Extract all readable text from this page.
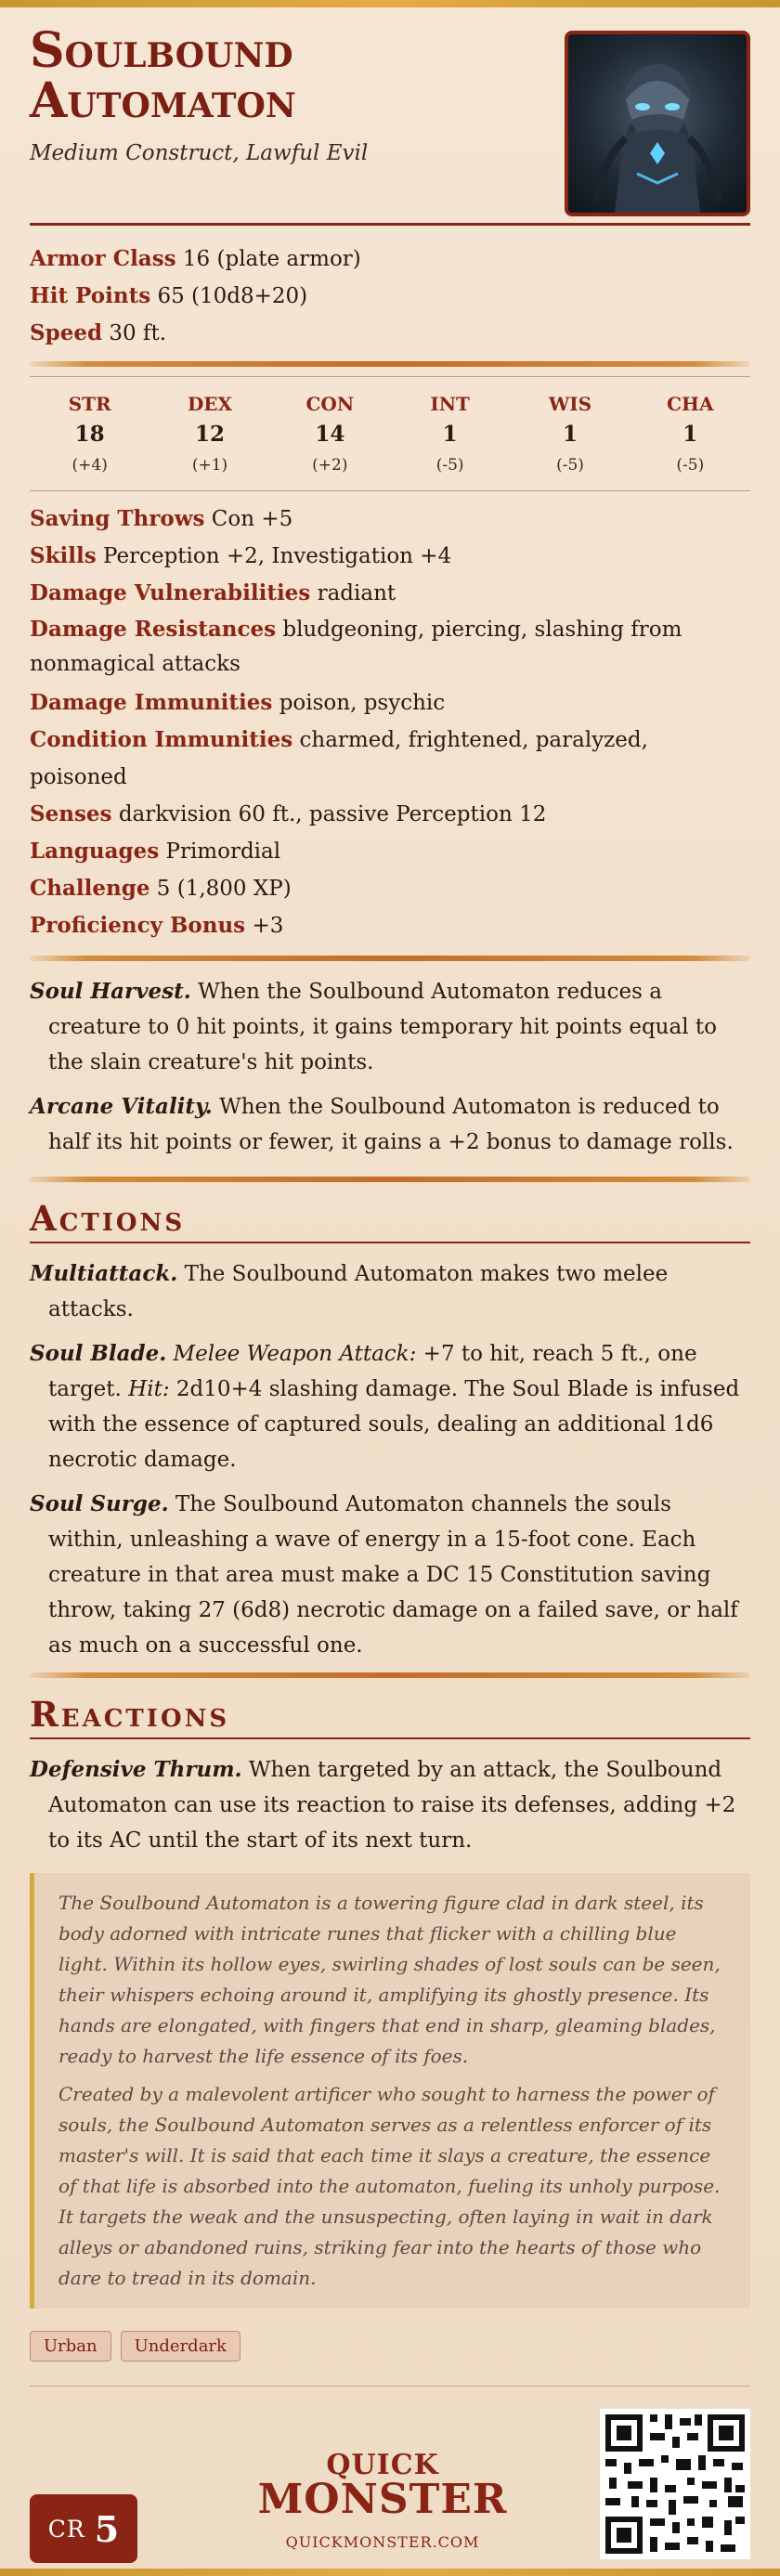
Soulbound Automaton
Medium Construct, Lawful Evil
Armor Class 16 (plate armor)
Hit Points 65 (10d8+20)
Speed 30 ft.
STR
18
(+4)
DEX
12
(+1)
CON
14
(+2)
INT
1
(-5)
WIS
1
(-5)
CHA
1
(-5)
Saving Throws Con +5
Skills Perception +2, Investigation +4
Damage Vulnerabilities radiant
Damage Resistances bludgeoning, piercing, slashing from nonmagical attacks
Damage Immunities poison, psychic
Condition Immunities charmed, frightened, paralyzed, poisoned
Senses darkvision 60 ft., passive Perception 12
Languages Primordial
Challenge 5 (1,800 XP)
Proficiency Bonus +3
Soul Harvest. When the Soulbound Automaton reduces a creature to 0 hit points, it gains temporary hit points equal to the slain creature's hit points.
Arcane Vitality. When the Soulbound Automaton is reduced to half its hit points or fewer, it gains a +2 bonus to damage rolls.
Actions
Multiattack. The Soulbound Automaton makes two melee attacks.
Soul Blade. Melee Weapon Attack: +7 to hit, reach 5 ft., one target. Hit: 2d10+4 slashing damage. The Soul Blade is infused with the essence of captured souls, dealing an additional 1d6 necrotic damage.
Soul Surge. The Soulbound Automaton channels the souls within, unleashing a wave of energy in a 15-foot cone. Each creature in that area must make a DC 15 Constitution saving throw, taking 27 (6d8) necrotic damage on a failed save, or half as much on a successful one.
Reactions
Defensive Thrum. When targeted by an attack, the Soulbound Automaton can use its reaction to raise its defenses, adding +2 to its AC until the start of its next turn.

The Soulbound Automaton is a towering figure clad in dark steel, its body adorned with intricate runes that flicker with a chilling blue light. Within its hollow eyes, swirling shades of lost souls can be seen, their whispers echoing around it, amplifying its ghostly presence. Its hands are elongated, with fingers that end in sharp, gleaming blades, ready to harvest the life essence of its foes.

Created by a malevolent artificer who sought to harness the power of souls, the Soulbound Automaton serves as a relentless enforcer of its master's will. It is said that each time it slays a creature, the essence of that life is absorbed into the automaton, fueling its unholy purpose. It targets the weak and the unsuspecting, often laying in wait in dark alleys or abandoned ruins, striking fear into the hearts of those who dare to tread in its domain.

Urban	Underdark
CR 5
QUICK
MONSTER
QUICKMONSTER.COM
